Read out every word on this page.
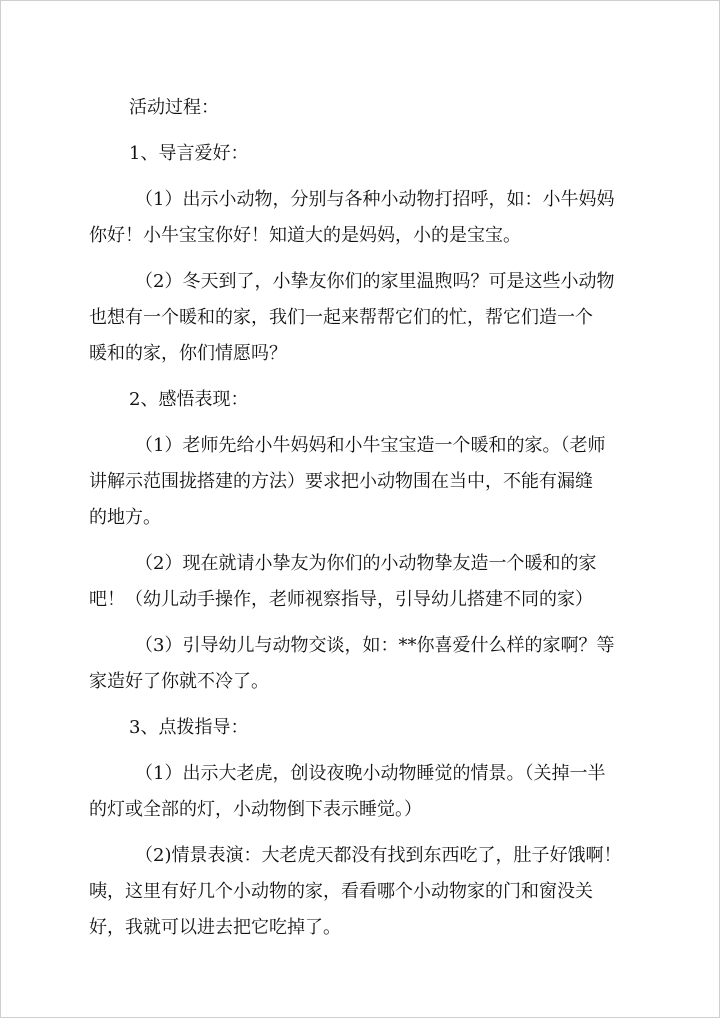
活动过程：
1、导言爱好：
（1）出示小动物，分别与各种小动物打招呼，如：小牛妈妈
你好！小牛宝宝你好！知道大的是妈妈，小的是宝宝。
（2）冬天到了，小挚友你们的家里温煦吗？可是这些小动物
也想有一个暖和的家，我们一起来帮帮它们的忙，帮它们造一个
暖和的家，你们情愿吗？
2、感悟表现：
（1）老师先给小牛妈妈和小牛宝宝造一个暖和的家。（老师
讲解示范围拢搭建的方法）要求把小动物围在当中，不能有漏缝
的地方。
（2）现在就请小挚友为你们的小动物挚友造一个暖和的家
吧！（幼儿动手操作，老师视察指导，引导幼儿搭建不同的家）
（3）引导幼儿与动物交谈，如：**你喜爱什么样的家啊？等
家造好了你就不冷了。
3、点拨指导：
（1）出示大老虎，创设夜晚小动物睡觉的情景。（关掉一半
的灯或全部的灯，小动物倒下表示睡觉。）
（2)情景表演：大老虎天都没有找到东西吃了，肚子好饿啊！
咦，这里有好几个小动物的家，看看哪个小动物家的门和窗没关
好，我就可以进去把它吃掉了。
